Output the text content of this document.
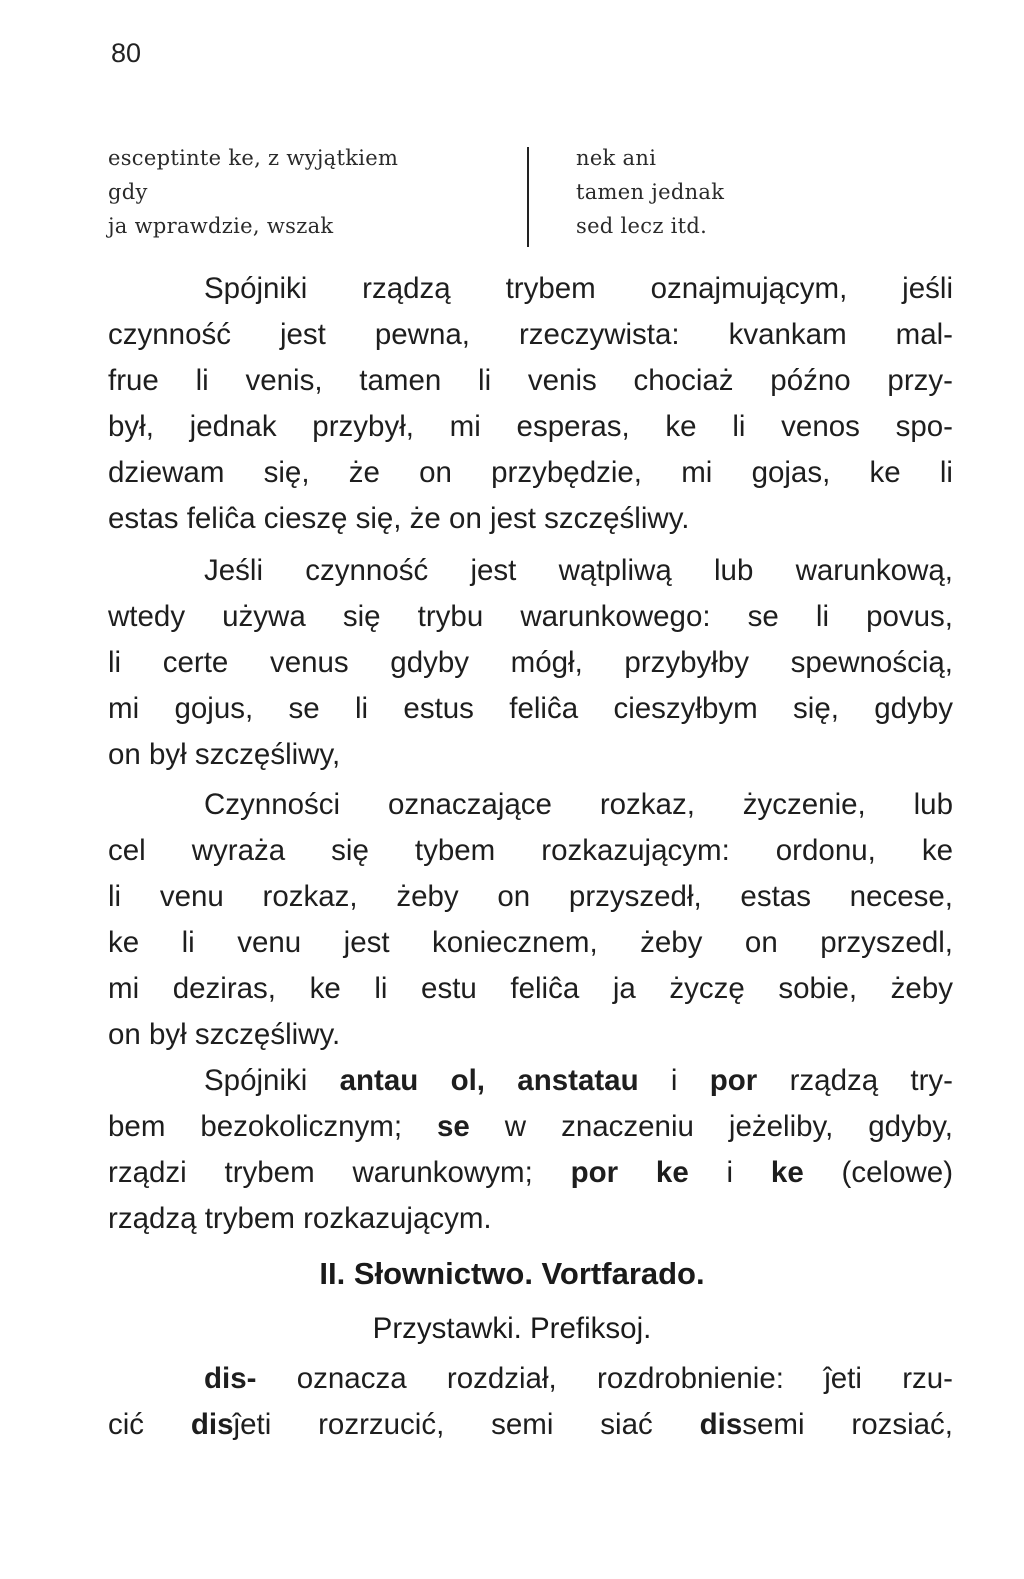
80
esceptinte ke, z wyjątkiem
gdy
ja wprawdzie, wszak
nek ani
tamen jednak
sed lecz itd.
Spójniki rządzą trybem oznajmującym, jeśli
czynność jest pewna, rzeczywista: kvankam mal-
frue li venis, tamen li venis chociaż późno przy-
był, jednak przybył, mi esperas, ke li venos spo-
dziewam się, że on przybędzie, mi gojas, ke li
estas feliĉa cieszę się, że on jest szczęśliwy.
Jeśli czynność jest wątpliwą lub warunkową,
wtedy używa się trybu warunkowego: se li povus,
li certe venus gdyby mógł, przybyłby spewnością,
mi gojus, se li estus feliĉa cieszyłbym się, gdyby
on był szczęśliwy,
Czynności oznaczające rozkaz, życzenie, lub
cel wyraża się tybem rozkazującym: ordonu, ke
li venu rozkaz, żeby on przyszedł, estas necese,
ke li venu jest koniecznem, żeby on przyszedl,
mi deziras, ke li estu feliĉa ja życzę sobie, żeby
on był szczęśliwy.
Spójniki antau ol, anstatau i por rządzą try-
bem bezokolicznym; se w znaczeniu jeżeliby, gdyby,
rządzi trybem warunkowym; por ke i ke (celowe)
rządzą trybem rozkazującym.
II. Słownictwo. Vortfarado.
Przystawki. Prefiksoj.
dis- oznacza rozdział, rozdrobnienie: ĵeti rzu-
cić disĵeti rozrzucić, semi siać dissemi rozsiać,
